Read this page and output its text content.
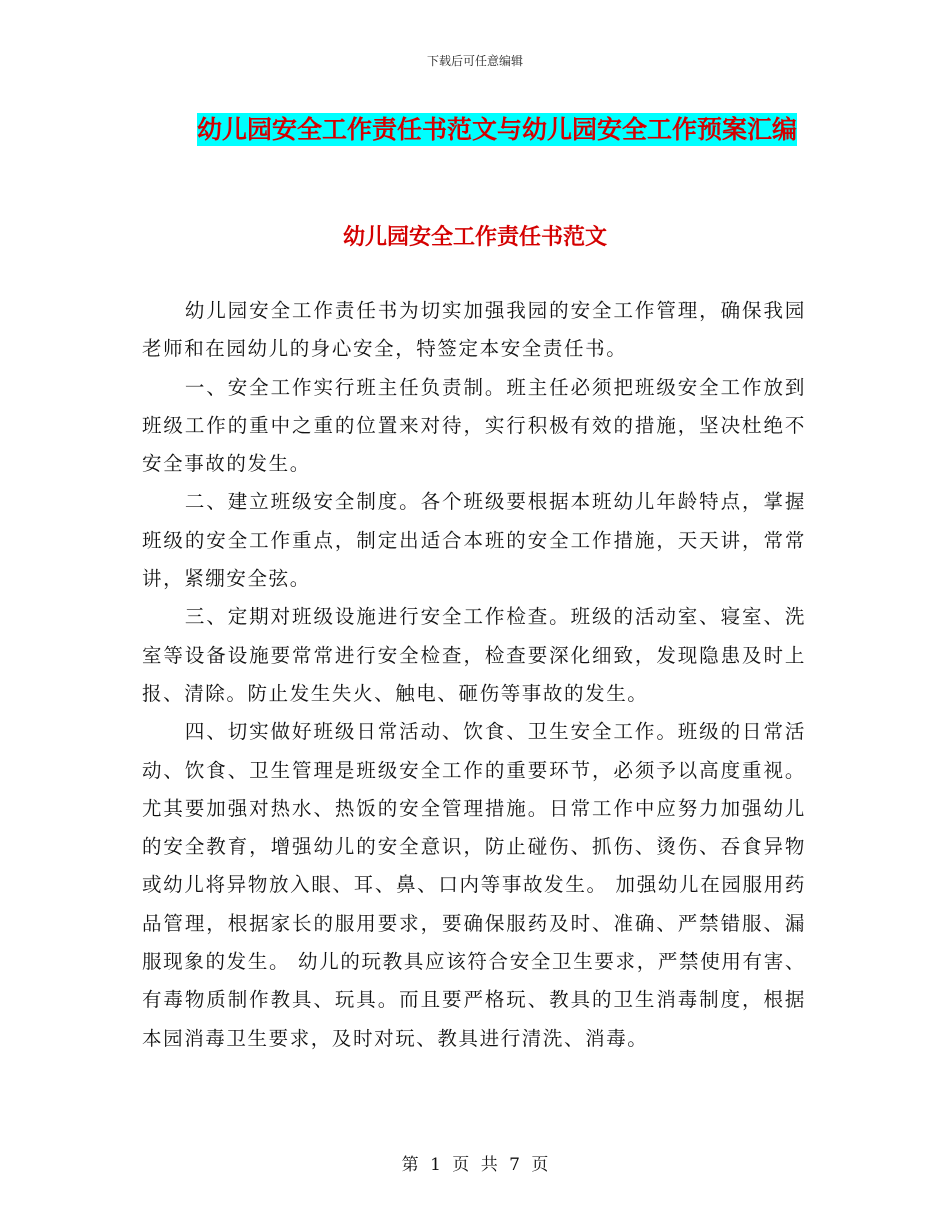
下载后可任意编辑
幼儿园安全工作责任书范文与幼儿园安全工作预案汇编
幼儿园安全工作责任书范文

幼儿园安全工作责任书为切实加强我园的安全工作管理，确保我园老师和在园幼儿的身心安全，特签定本安全责任书。

一、安全工作实行班主任负责制。班主任必须把班级安全工作放到班级工作的重中之重的位置来对待，实行积极有效的措施，坚决杜绝不安全事故的发生。

二、建立班级安全制度。各个班级要根据本班幼儿年龄特点，掌握班级的安全工作重点，制定出适合本班的安全工作措施，天天讲，常常讲，紧绷安全弦。

三、定期对班级设施进行安全工作检查。班级的活动室、寝室、洗室等设备设施要常常进行安全检查，检查要深化细致，发现隐患及时上报、清除。防止发生失火、触电、砸伤等事故的发生。

四、切实做好班级日常活动、饮食、卫生安全工作。班级的日常活动、饮食、卫生管理是班级安全工作的重要环节，必须予以高度重视。尤其要加强对热水、热饭的安全管理措施。日常工作中应努力加强幼儿的安全教育，增强幼儿的安全意识，防止碰伤、抓伤、烫伤、吞食异物或幼儿将异物放入眼、耳、鼻、口内等事故发生。 加强幼儿在园服用药品管理，根据家长的服用要求，要确保服药及时、准确、严禁错服、漏服现象的发生。 幼儿的玩教具应该符合安全卫生要求，严禁使用有害、有毒物质制作教具、玩具。而且要严格玩、教具的卫生消毒制度，根据本园消毒卫生要求，及时对玩、教具进行清洗、消毒。

第 1 页 共 7 页
